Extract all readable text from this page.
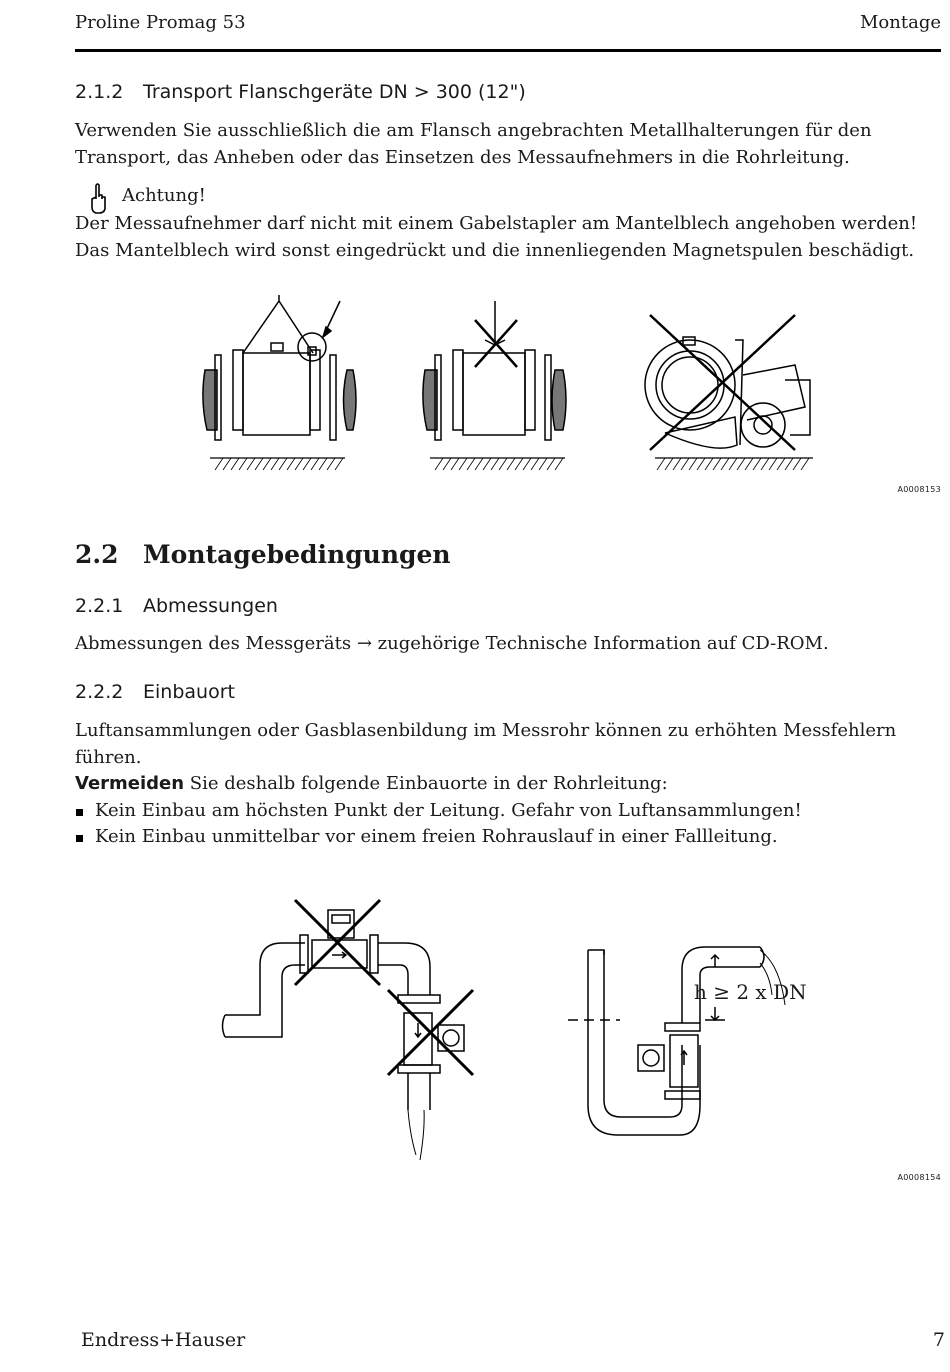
Proline Promag 53	Montage
2.1.2 Transport Flanschgeräte DN > 300 (12")
Verwenden Sie ausschließlich die am Flansch angebrachten Metallhalterungen für den
Transport, das Anheben oder das Einsetzen des Messaufnehmers in die Rohrleitung.
Achtung!
Der Messaufnehmer darf nicht mit einem Gabelstapler am Mantelblech angehoben werden!
Das Mantelblech wird sonst eingedrückt und die innenliegenden Magnetspulen beschädigt.
A0008153
2.2 Montagebedingungen
2.2.1 Abmessungen
Abmessungen des Messgeräts → zugehörige Technische Information auf CD-ROM.
2.2.2 Einbauort
Luftansammlungen oder Gasblasenbildung im Messrohr können zu erhöhten Messfehlern
führen.
Vermeiden Sie deshalb folgende Einbauorte in der Rohrleitung:
Kein Einbau am höchsten Punkt der Leitung. Gefahr von Luftansammlungen!
Kein Einbau unmittelbar vor einem freien Rohrauslauf in einer Fallleitung.
h ≥ 2 x DN
A0008154
Endress+Hauser	7
